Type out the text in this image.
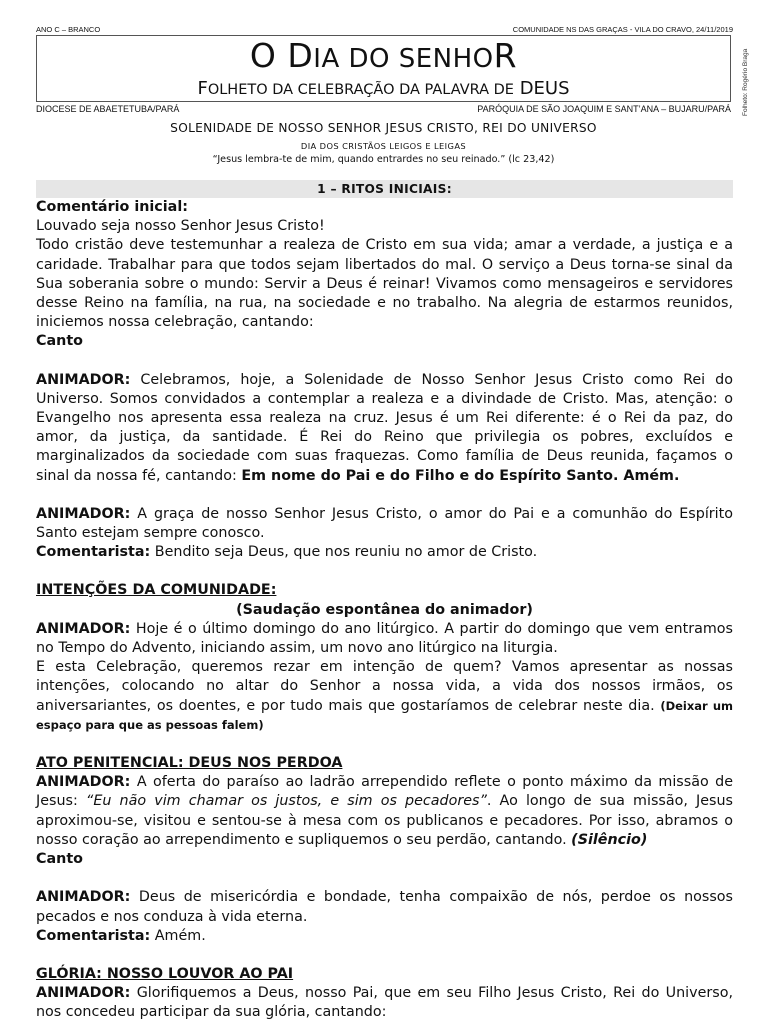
ANO C – BRANCO	COMUNIDADE NS DAS GRAÇAS - VILA DO CRAVO, 24/11/2019
O DIA DO SENHOR
FOLHETO DA CELEBRAÇÃO DA PALAVRA DE DEUS	Folheto: Rogério Braga
DIOCESE DE ABAETETUBA/PARÁ	PARÓQUIA DE SÃO JOAQUIM E SANT’ANA – BUJARU/PARÁ
SOLENIDADE DE NOSSO SENHOR JESUS CRISTO, REI DO UNIVERSO
DIA DOS CRISTÃOS LEIGOS E LEIGAS
“Jesus lembra-te de mim, quando entrardes no seu reinado.” (lc 23,42)
1 – RITOS INICIAIS:

Comentário inicial:

Louvado seja nosso Senhor Jesus Cristo!

Todo cristão deve testemunhar a realeza de Cristo em sua vida; amar a verdade, a justiça e a caridade. Trabalhar para que todos sejam libertados do mal. O serviço a Deus torna-se sinal da Sua soberania sobre o mundo: Servir a Deus é reinar! Vivamos como mensageiros e servidores desse Reino na família, na rua, na sociedade e no trabalho. Na alegria de estarmos reunidos, iniciemos nossa celebração, cantando:

Canto

ANIMADOR: Celebramos, hoje, a Solenidade de Nosso Senhor Jesus Cristo como Rei do Universo. Somos convidados a contemplar a realeza e a divindade de Cristo. Mas, atenção: o Evangelho nos apresenta essa realeza na cruz. Jesus é um Rei diferente: é o Rei da paz, do amor, da justiça, da santidade. É Rei do Reino que privilegia os pobres, excluídos e marginalizados da sociedade com suas fraquezas. Como família de Deus reunida, façamos o sinal da nossa fé, cantando: Em nome do Pai e do Filho e do Espírito Santo. Amém.

ANIMADOR: A graça de nosso Senhor Jesus Cristo, o amor do Pai e a comunhão do Espírito Santo estejam sempre conosco.

Comentarista: Bendito seja Deus, que nos reuniu no amor de Cristo.

INTENÇÕES DA COMUNIDADE:

(Saudação espontânea do animador)

ANIMADOR: Hoje é o último domingo do ano litúrgico. A partir do domingo que vem entramos no Tempo do Advento, iniciando assim, um novo ano litúrgico na liturgia.

E esta Celebração, queremos rezar em intenção de quem? Vamos apresentar as nossas intenções, colocando no altar do Senhor a nossa vida, a vida dos nossos irmãos, os aniversariantes, os doentes, e por tudo mais que gostaríamos de celebrar neste dia. (Deixar um espaço para que as pessoas falem)

ATO PENITENCIAL: DEUS NOS PERDOA

ANIMADOR: A oferta do paraíso ao ladrão arrependido reflete o ponto máximo da missão de Jesus: “Eu não vim chamar os justos, e sim os pecadores”. Ao longo de sua missão, Jesus aproximou-se, visitou e sentou-se à mesa com os publicanos e pecadores. Por isso, abramos o nosso coração ao arrependimento e supliquemos o seu perdão, cantando. (Silêncio)

Canto

ANIMADOR: Deus de misericórdia e bondade, tenha compaixão de nós, perdoe os nossos pecados e nos conduza à vida eterna.

Comentarista: Amém.

GLÓRIA: NOSSO LOUVOR AO PAI

ANIMADOR: Glorifiquemos a Deus, nosso Pai, que em seu Filho Jesus Cristo, Rei do Universo, nos concedeu participar da sua glória, cantando:
